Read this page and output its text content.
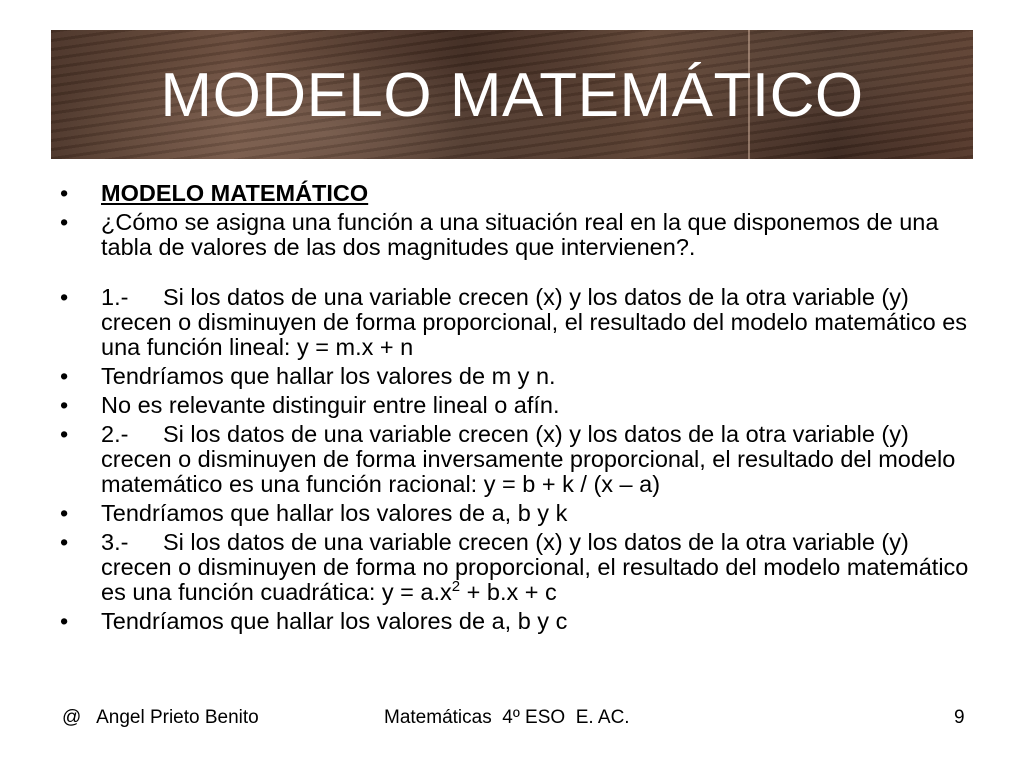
MODELO MATEMÁTICO
• MODELO MATEMÁTICO
• ¿Cómo se asigna una función a una situación real en la que disponemos de una tabla de valores de las dos magnitudes que intervienen?.
• 1.- Si los datos de una variable crecen (x) y los datos de la otra variable (y) crecen o disminuyen de forma proporcional, el resultado del modelo matemático es una función lineal: y = m.x + n
• Tendríamos que hallar los valores de m y n.
• No es relevante distinguir entre lineal o afín.
• 2.- Si los datos de una variable crecen (x) y los datos de la otra variable (y) crecen o disminuyen de forma inversamente proporcional, el resultado del modelo matemático es una función racional: y = b + k / (x – a)
• Tendríamos que hallar los valores de a, b y k
• 3.- Si los datos de una variable crecen (x) y los datos de la otra variable (y) crecen o disminuyen de forma no proporcional, el resultado del modelo matemático es una función cuadrática: $y = a.x^2 + b.x + c$
• Tendríamos que hallar los valores de a, b y c
@   Angel Prieto Benito	Matemáticas  4º ESO  E. AC.	9
